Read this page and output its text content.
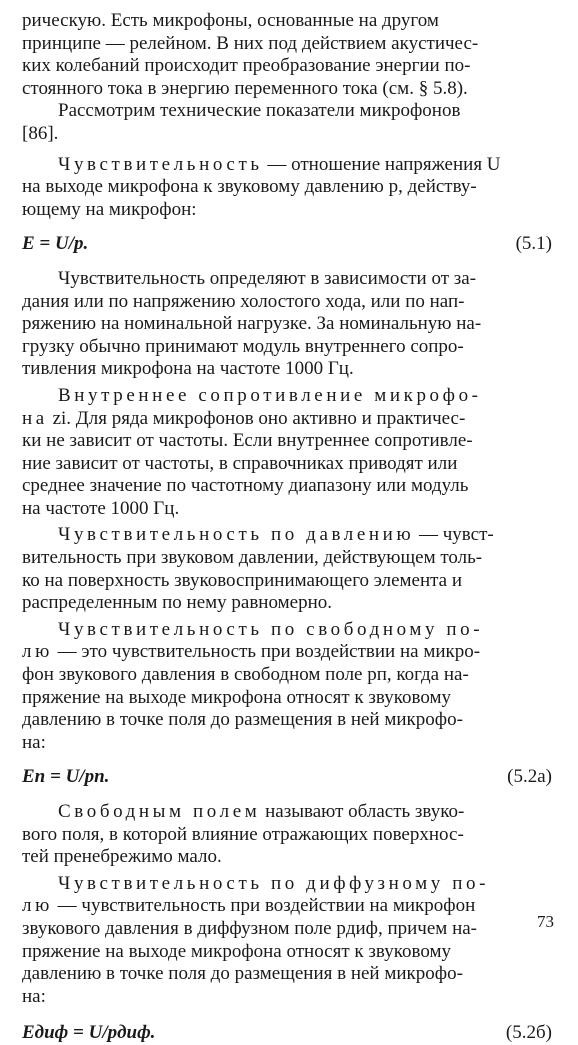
рическую. Есть микрофоны, основанные на другом
принципе — релейном. В них под действием акустичес-
ких колебаний происходит преобразование энергии по-
стоянного тока в энергию переменного тока (см. § 5.8).
Рассмотрим технические показатели микрофонов
[86].
Чувствительность — отношение напряжения U
на выходе микрофона к звуковому давлению p, действу-
ющему на микрофон:
E = U/p.	(5.1)
Чувствительность определяют в зависимости от за-
дания или по напряжению холостого хода, или по нап-
ряжению на номинальной нагрузке. За номинальную на-
грузку обычно принимают модуль внутреннего сопро-
тивления микрофона на частоте 1000 Гц.
Внутреннее сопротивление микрофо-
на zi. Для ряда микрофонов оно активно и практичес-
ки не зависит от частоты. Если внутреннее сопротивле-
ние зависит от частоты, в справочниках приводят или
среднее значение по частотному диапазону или модуль
на частоте 1000 Гц.
Чувствительность по давлению — чувст-
вительность при звуковом давлении, действующем толь-
ко на поверхность звуковоспринимающего элемента и
распределенным по нему равномерно.
Чувствительность по свободному по-
лю — это чувствительность при воздействии на микро-
фон звукового давления в свободном поле pп, когда на-
пряжение на выходе микрофона относят к звуковому
давлению в точке поля до размещения в ней микрофо-
на:
Eп = U/pп.	(5.2а)
Свободным полем называют область звуко-
вого поля, в которой влияние отражающих поверхнос-
тей пренебрежимо мало.
Чувствительность по диффузному по-
лю — чувствительность при воздействии на микрофон
звукового давления в диффузном поле pдиф, причем на-
пряжение на выходе микрофона относят к звуковому
давлению в точке поля до размещения в ней микрофо-
на:
Eдиф = U/pдиф.	(5.2б)
73
